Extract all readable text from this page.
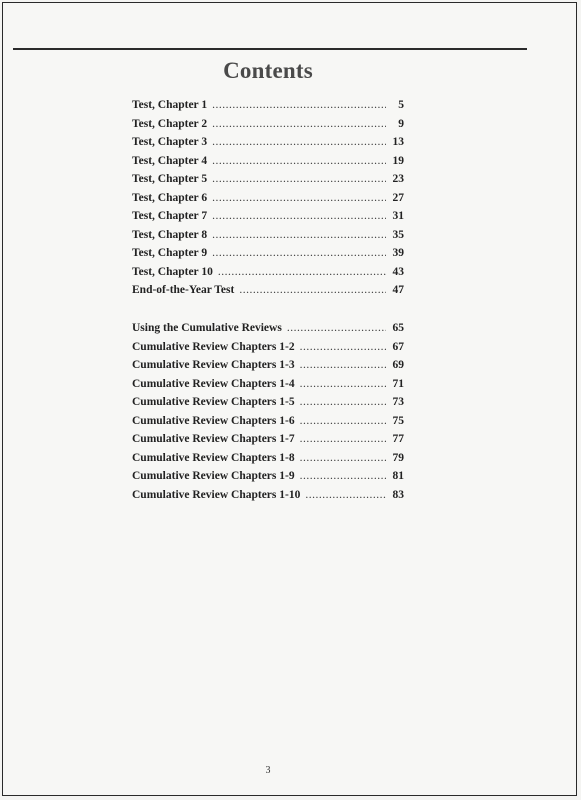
Contents
Test, Chapter 1 .....	5
Test, Chapter 2 .....	9
Test, Chapter 3 .....	13
Test, Chapter 4 .....	19
Test, Chapter 5 .....	23
Test, Chapter 6 .....	27
Test, Chapter 7 .....	31
Test, Chapter 8 .....	35
Test, Chapter 9 .....	39
Test, Chapter 10 .....	43
End-of-the-Year Test .....	47
Using the Cumulative Reviews .....	65
Cumulative Review Chapters 1-2 .....	67
Cumulative Review Chapters 1-3 .....	69
Cumulative Review Chapters 1-4 .....	71
Cumulative Review Chapters 1-5 .....	73
Cumulative Review Chapters 1-6 .....	75
Cumulative Review Chapters 1-7 .....	77
Cumulative Review Chapters 1-8 .....	79
Cumulative Review Chapters 1-9 .....	81
Cumulative Review Chapters 1-10 .....	83
3
